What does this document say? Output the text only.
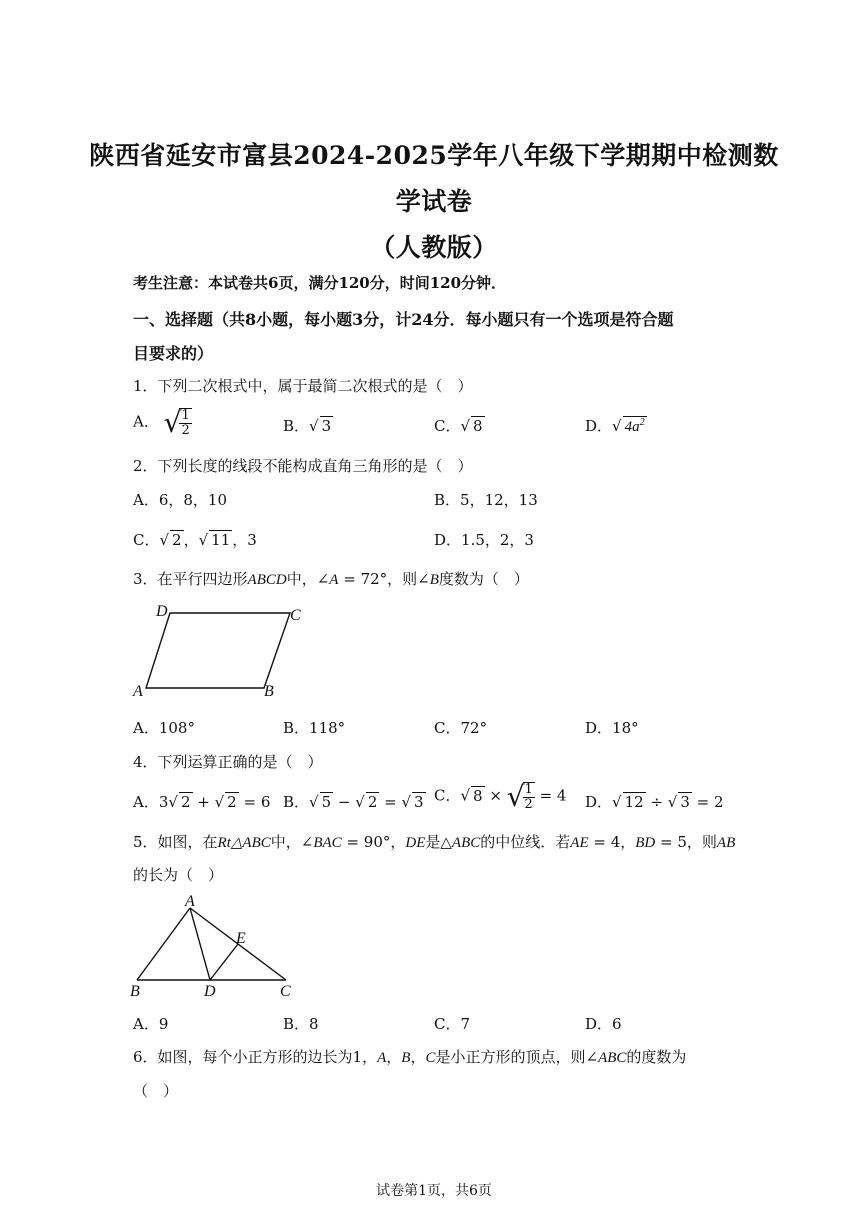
陕西省延安市富县2024-2025学年八年级下学期期中检测数
学试卷
（人教版）
考生注意：本试卷共6页，满分120分，时间120分钟．
一、选择题（共8小题，每小题3分，计24分．每小题只有一个选项是符合题
目要求的）
1．下列二次根式中，属于最简二次根式的是（　）
A． √
$\frac{1}{2}$	B．√ 3	C．√ 8	D．√ $4a^2$
2．下列长度的线段不能构成直角三角形的是（　）
A．6，8，10	B．5，12，13
C．√ 2 ，√ 11 ，3	D．1.5，2，3
3．在平行四边形ABCD中，∠A = 72°，则∠B度数为（　）
D	C
A	B
A．108°	B．118°	C．72°	D．18°
4．下列运算正确的是（　）
A．3√ 2 + √ 2 = 6 B．√ 5 − √ 2 = √ 3 C．√ 8 × √
$\frac{1}{2} = 4$ D．√ 12 ÷ √ 3 = 2
5．如图，在Rt△ABC中，∠BAC = 90°，DE是△ABC的中位线．若AE = 4，BD = 5，则AB
的长为（　）
A
E
B	D	C
A．9	B．8	C．7	D．6
6．如图，每个小正方形的边长为1，A，B，C是小正方形的顶点，则∠ABC的度数为
（　）
试卷第1页，共6页
